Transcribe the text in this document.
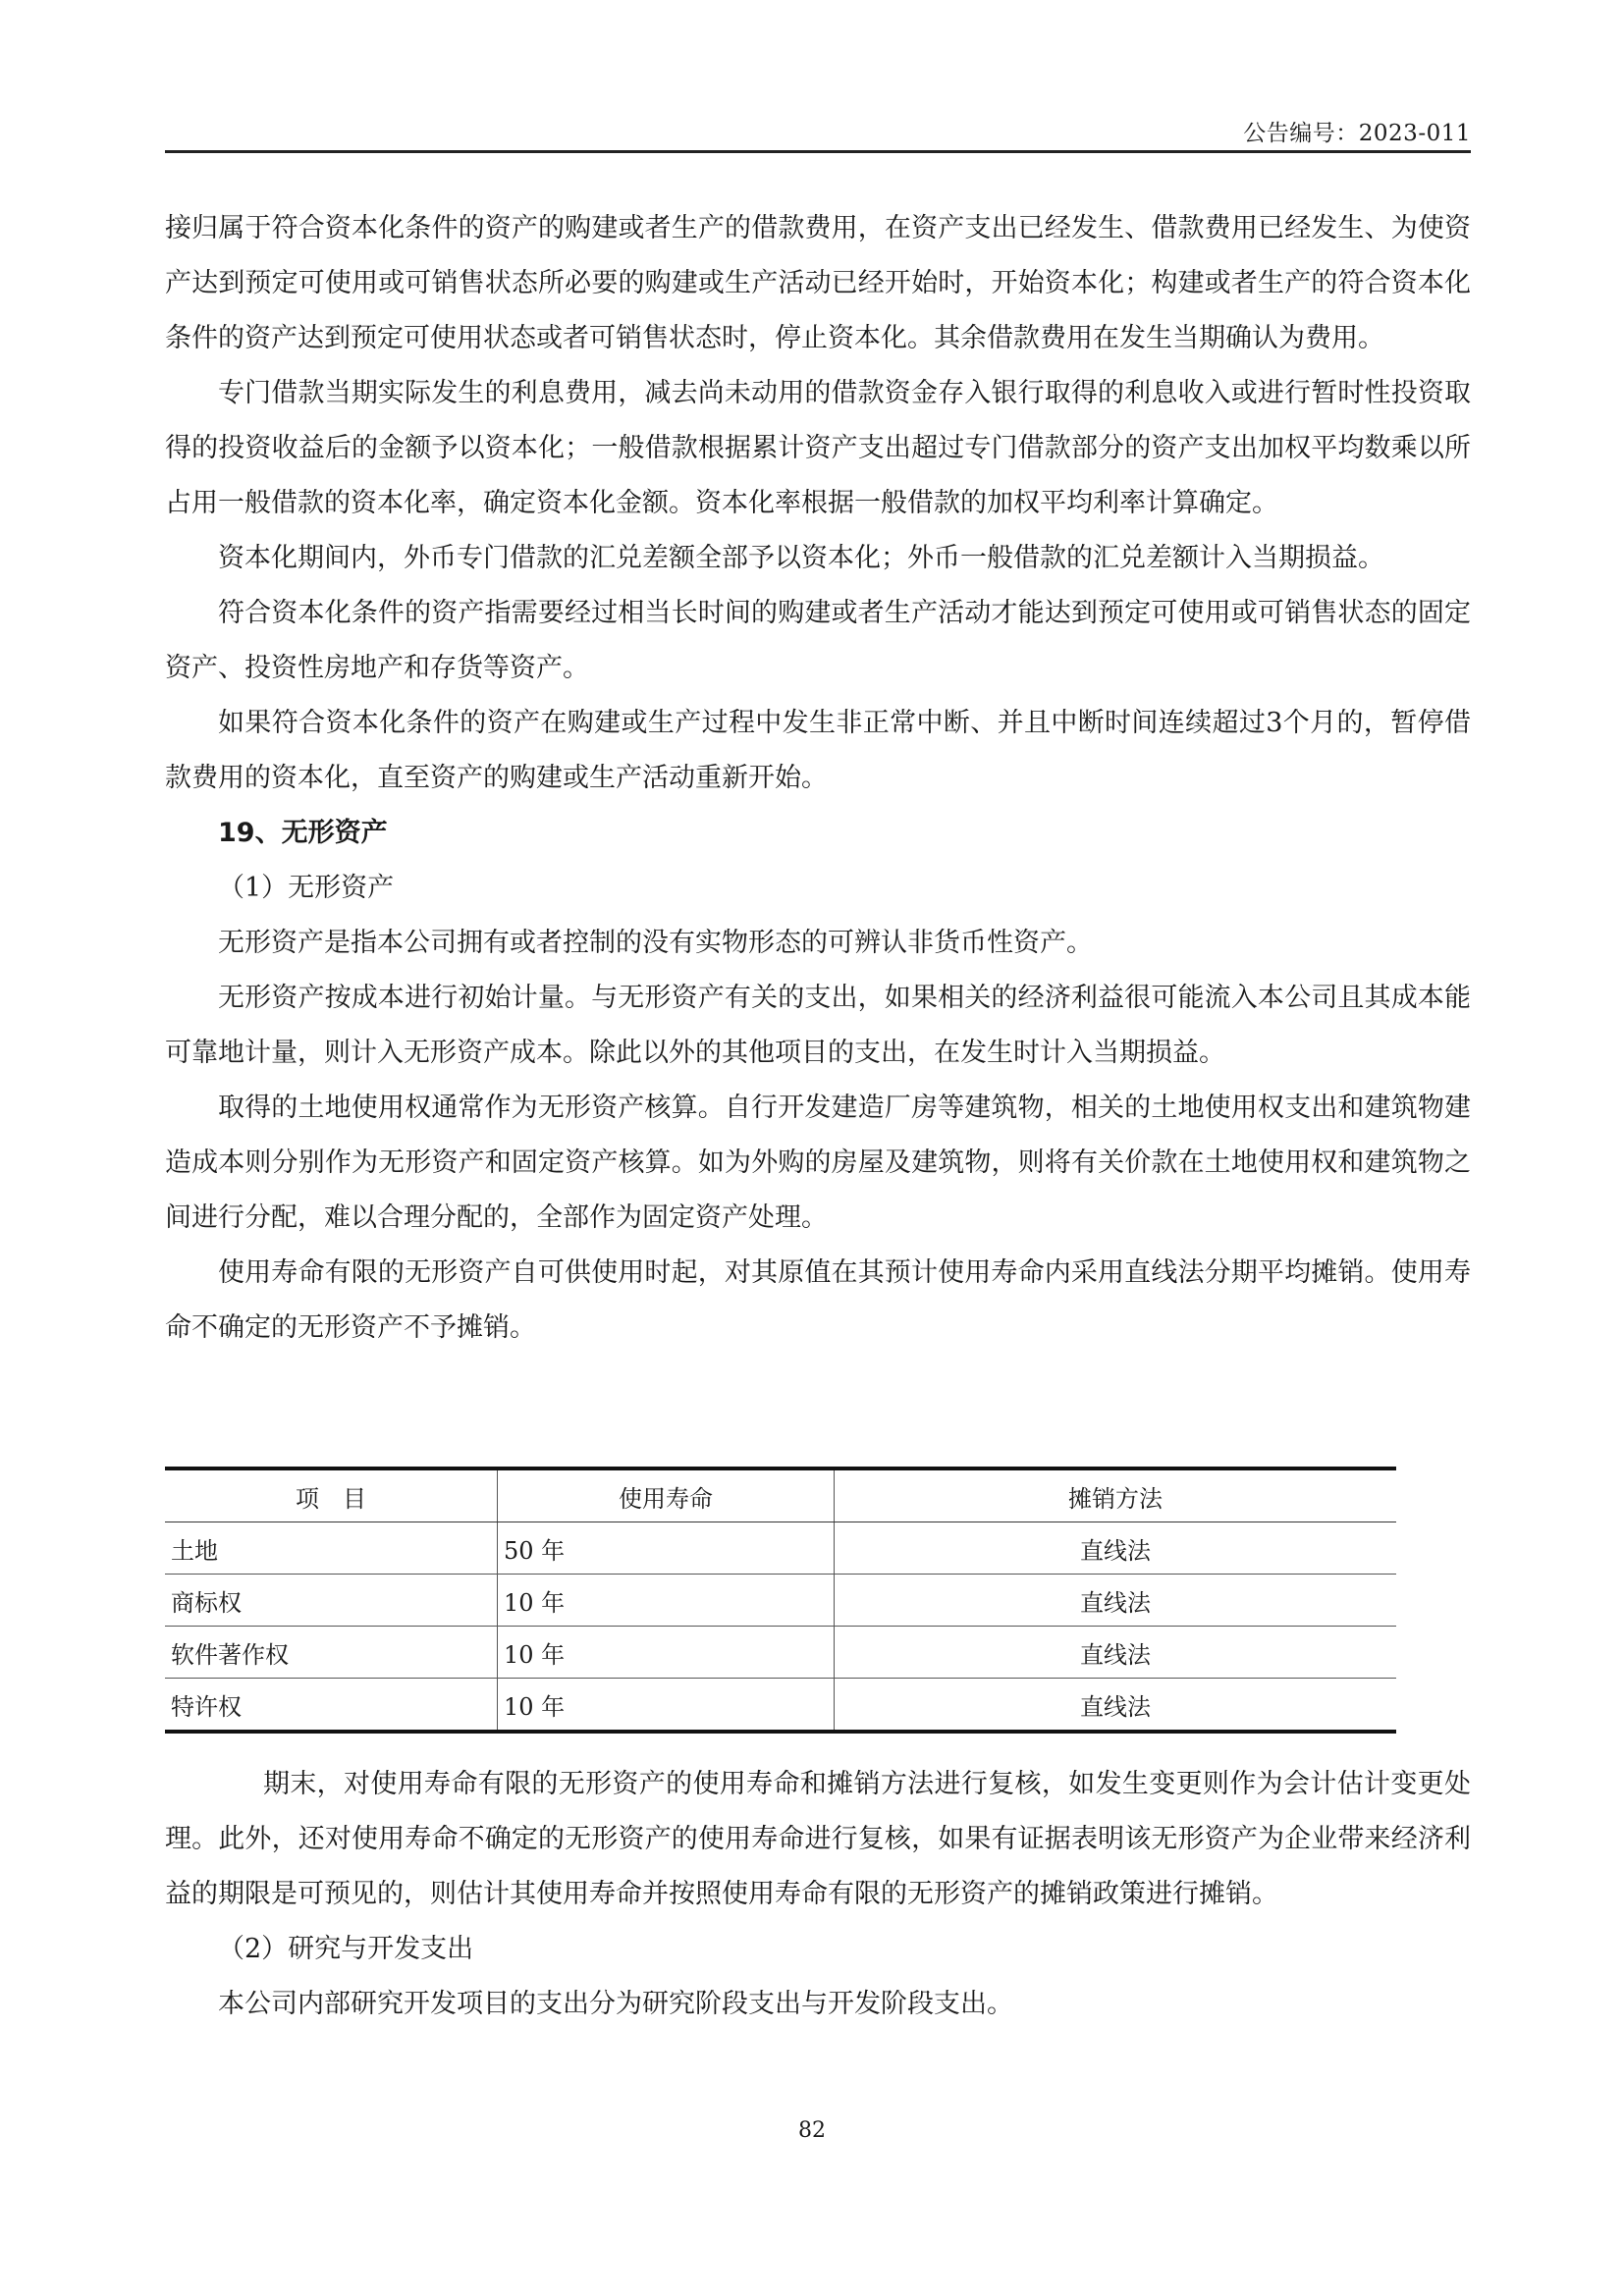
公告编号：2023-011

接归属于符合资本化条件的资产的购建或者生产的借款费用，在资产支出已经发生、借款费用已经发生、为使资产达到预定可使用或可销售状态所必要的购建或生产活动已经开始时，开始资本化；构建或者生产的符合资本化条件的资产达到预定可使用状态或者可销售状态时，停止资本化。其余借款费用在发生当期确认为费用。

专门借款当期实际发生的利息费用，减去尚未动用的借款资金存入银行取得的利息收入或进行暂时性投资取得的投资收益后的金额予以资本化；一般借款根据累计资产支出超过专门借款部分的资产支出加权平均数乘以所占用一般借款的资本化率，确定资本化金额。资本化率根据一般借款的加权平均利率计算确定。

资本化期间内，外币专门借款的汇兑差额全部予以资本化；外币一般借款的汇兑差额计入当期损益。

符合资本化条件的资产指需要经过相当长时间的购建或者生产活动才能达到预定可使用或可销售状态的固定资产、投资性房地产和存货等资产。

如果符合资本化条件的资产在购建或生产过程中发生非正常中断、并且中断时间连续超过3个月的，暂停借款费用的资本化，直至资产的购建或生产活动重新开始。

19、无形资产

（1）无形资产

无形资产是指本公司拥有或者控制的没有实物形态的可辨认非货币性资产。

无形资产按成本进行初始计量。与无形资产有关的支出，如果相关的经济利益很可能流入本公司且其成本能可靠地计量，则计入无形资产成本。除此以外的其他项目的支出，在发生时计入当期损益。

取得的土地使用权通常作为无形资产核算。自行开发建造厂房等建筑物，相关的土地使用权支出和建筑物建造成本则分别作为无形资产和固定资产核算。如为外购的房屋及建筑物，则将有关价款在土地使用权和建筑物之间进行分配，难以合理分配的，全部作为固定资产处理。

使用寿命有限的无形资产自可供使用时起，对其原值在其预计使用寿命内采用直线法分期平均摊销。使用寿命不确定的无形资产不予摊销。

项　目	使用寿命	摊销方法
土地	50 年	直线法
商标权	10 年	直线法
软件著作权	10 年	直线法
特许权	10 年	直线法

期末，对使用寿命有限的无形资产的使用寿命和摊销方法进行复核，如发生变更则作为会计估计变更处理。此外，还对使用寿命不确定的无形资产的使用寿命进行复核，如果有证据表明该无形资产为企业带来经济利益的期限是可预见的，则估计其使用寿命并按照使用寿命有限的无形资产的摊销政策进行摊销。

（2）研究与开发支出

本公司内部研究开发项目的支出分为研究阶段支出与开发阶段支出。

82
